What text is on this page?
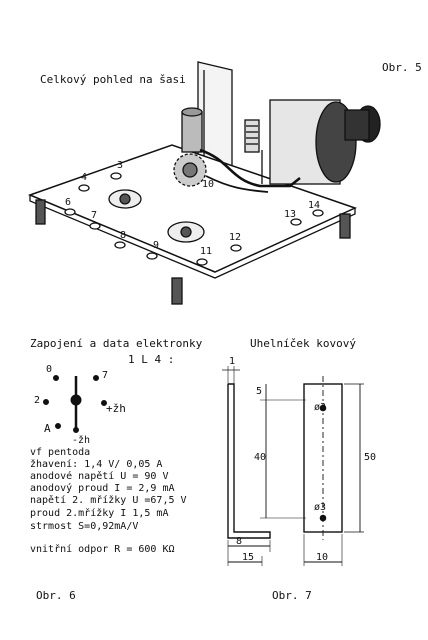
Obr. 5
Celkový pohled na šasi
3
4
6
7
8
9
10
11
12
13
14
Zapojení a data elektronky
1 L 4 :
0
7
2
+žh
A
-žh
vf pentoda
žhavení: 1,4 V/ 0,05 A
anodové napětí U = 90 V
anodový proud I = 2,9 mA
napětí 2. mřížky U =67,5 V
proud 2.mřížky I 1,5 mA
strmost S=0,92mA/V
vnitřní odpor R = 600 KΩ
Obr. 6
Uhelníček kovový
1
5
40	50
8
15	10
ø3
ø3
Obr. 7
